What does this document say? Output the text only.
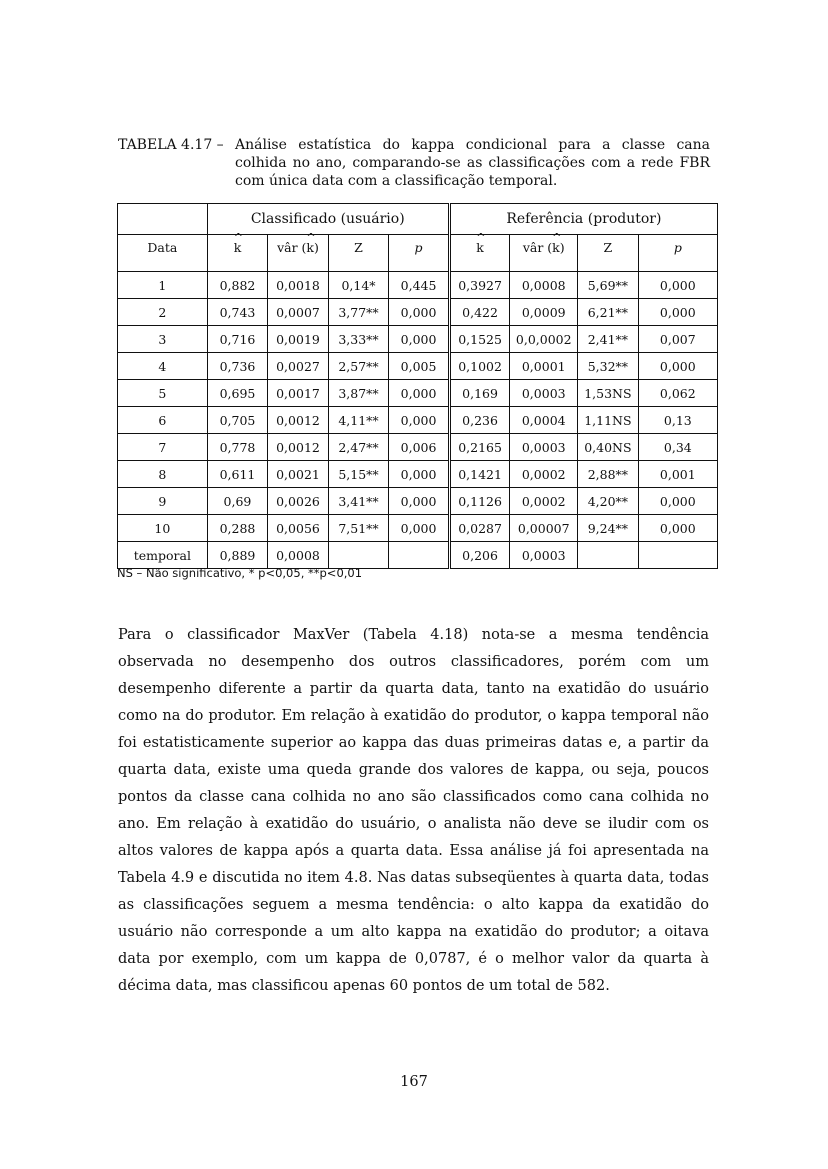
TABELA 4.17 – Análise estatística do kappa condicional para a classe cana colhida no ano, comparando-se as classificações com a rede FBR com única data com a classificação temporal.
	Classificado (usuário)				Referência (produtor)			
Data	^ k	vâr (^ k)	Z	p	^ k	vâr (^ k)	Z	p
1	0,882	0,0018	0,14*	0,445	0,3927	0,0008	5,69**	0,000
2	0,743	0,0007	3,77**	0,000	0,422	0,0009	6,21**	0,000
3	0,716	0,0019	3,33**	0,000	0,1525	0,0,0002	2,41**	0,007
4	0,736	0,0027	2,57**	0,005	0,1002	0,0001	5,32**	0,000
5	0,695	0,0017	3,87**	0,000	0,169	0,0003	1,53NS	0,062
6	0,705	0,0012	4,11**	0,000	0,236	0,0004	1,11NS	0,13
7	0,778	0,0012	2,47**	0,006	0,2165	0,0003	0,40NS	0,34
8	0,611	0,0021	5,15**	0,000	0,1421	0,0002	2,88**	0,001
9	0,69	0,0026	3,41**	0,000	0,1126	0,0002	4,20**	0,000
10	0,288	0,0056	7,51**	0,000	0,0287	0,00007	9,24**	0,000
temporal	0,889	0,0008			0,206	0,0003		
NS – Não significativo, * p<0,05, **p<0,01

Para o classificador MaxVer (Tabela 4.18) nota-se a mesma tendência observada no desempenho dos outros classificadores, porém com um desempenho diferente a partir da quarta data, tanto na exatidão do usuário como na do produtor. Em relação à exatidão do produtor, o kappa temporal não foi estatisticamente superior ao kappa das duas primeiras datas e, a partir da quarta data, existe uma queda grande dos valores de kappa, ou seja, poucos pontos da classe cana colhida no ano são classificados como cana colhida no ano. Em relação à exatidão do usuário, o analista não deve se iludir com os altos valores de kappa após a quarta data. Essa análise já foi apresentada na Tabela 4.9 e discutida no item 4.8. Nas datas subseqüentes à quarta data, todas as classificações seguem a mesma tendência: o alto kappa da exatidão do usuário não corresponde a um alto kappa na exatidão do produtor; a oitava data por exemplo, com um kappa de 0,0787, é o melhor valor da quarta à décima data, mas classificou apenas 60 pontos de um total de 582.

167
